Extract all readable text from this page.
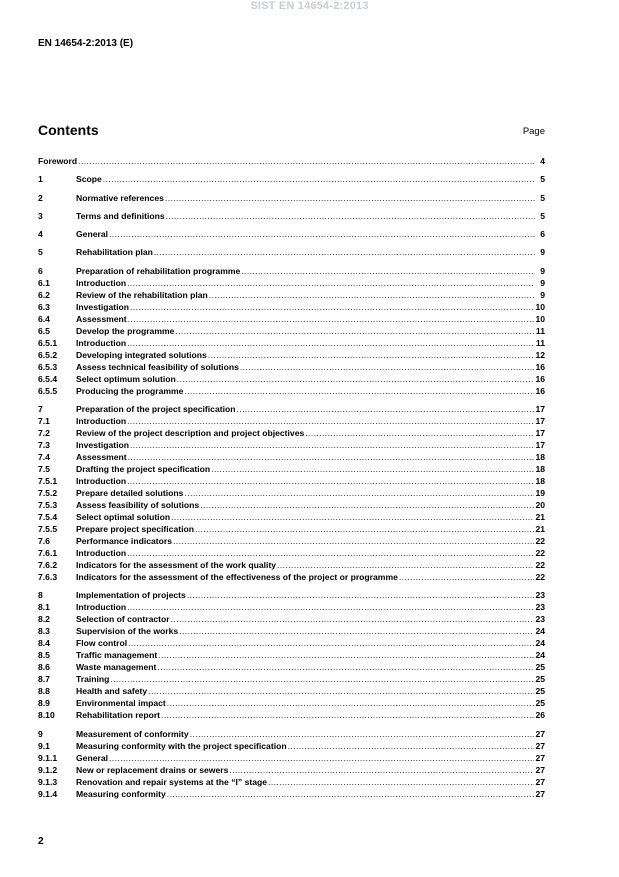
SIST EN 14654-2:2013
EN 14654-2:2013 (E)
Contents	Page
Foreword .....	4
1	Scope .....	5
2	Normative references .....	5
3	Terms and definitions .....	5
4	General .....	6
5	Rehabilitation plan .....	9
6	Preparation of rehabilitation programme .....	9
6.1	Introduction .....	9
6.2	Review of the rehabilitation plan .....	9
6.3	Investigation .....	10
6.4	Assessment .....	10
6.5	Develop the programme .....	11
6.5.1	Introduction .....	11
6.5.2	Developing integrated solutions .....	12
6.5.3	Assess technical feasibility of solutions .....	16
6.5.4	Select optimum solution .....	16
6.5.5	Producing the programme .....	16
7	Preparation of the project specification .....	17
7.1	Introduction .....	17
7.2	Review of the project description and project objectives .....	17
7.3	Investigation .....	17
7.4	Assessment .....	18
7.5	Drafting the project specification .....	18
7.5.1	Introduction .....	18
7.5.2	Prepare detailed solutions .....	19
7.5.3	Assess feasibility of solutions .....	20
7.5.4	Select optimal solution .....	21
7.5.5	Prepare project specification .....	21
7.6	Performance indicators .....	22
7.6.1	Introduction .....	22
7.6.2	Indicators for the assessment of the work quality .....	22
7.6.3	Indicators for the assessment of the effectiveness of the project or programme .....	22
8	Implementation of projects .....	23
8.1	Introduction .....	23
8.2	Selection of contractor .....	23
8.3	Supervision of the works .....	24
8.4	Flow control .....	24
8.5	Traffic management .....	24
8.6	Waste management .....	25
8.7	Training .....	25
8.8	Health and safety .....	25
8.9	Environmental impact .....	25
8.10	Rehabilitation report .....	26
9	Measurement of conformity .....	27
9.1	Measuring conformity with the project specification .....	27
9.1.1	General .....	27
9.1.2	New or replacement drains or sewers .....	27
9.1.3	Renovation and repair systems at the “I” stage .....	27
9.1.4	Measuring conformity .....	27
2
